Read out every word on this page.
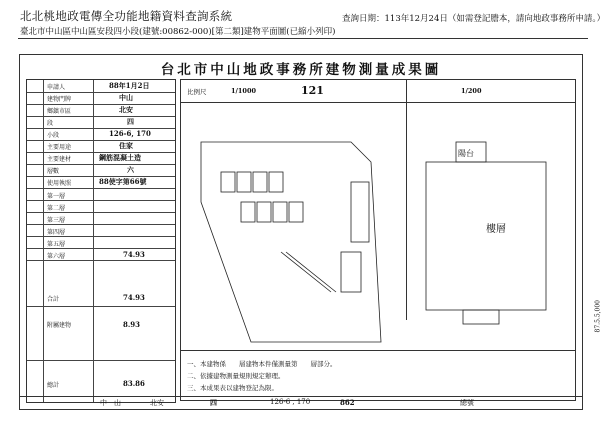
北北桃地政電傳全功能地籍資料查詢系統	查詢日期：113年12月24日（如需登記謄本，請向地政事務所申請。）
臺北市中山區中山區安段四小段(建號:00862-000)[第二類]建物平面圖(已縮小列印)
台北市中山地政事務所建物測量成果圖
申請人	88年1月2日
建物門牌	中山
鄉鎮市區	北安
段	四
小段	126-6, 170
主要用途	住家
主要建材	鋼筋混凝土造
層數	六
使用執照	88使字第66號
第一層
第二層
第三層
第四層
第五層
第六層	74.93
合計	74.93
附屬建物	8.93
總計	83.86
比例尺	1/1000	121	1/200
陽台
樓層
一、本建物係　　層建物本件僅測量第　　層部分。
二、依據建物測量規則規定辦理。
三、本成果表以建物登記為限。
中　山	北安	四	126-6 , 170	862	總號
87.5.5,000
